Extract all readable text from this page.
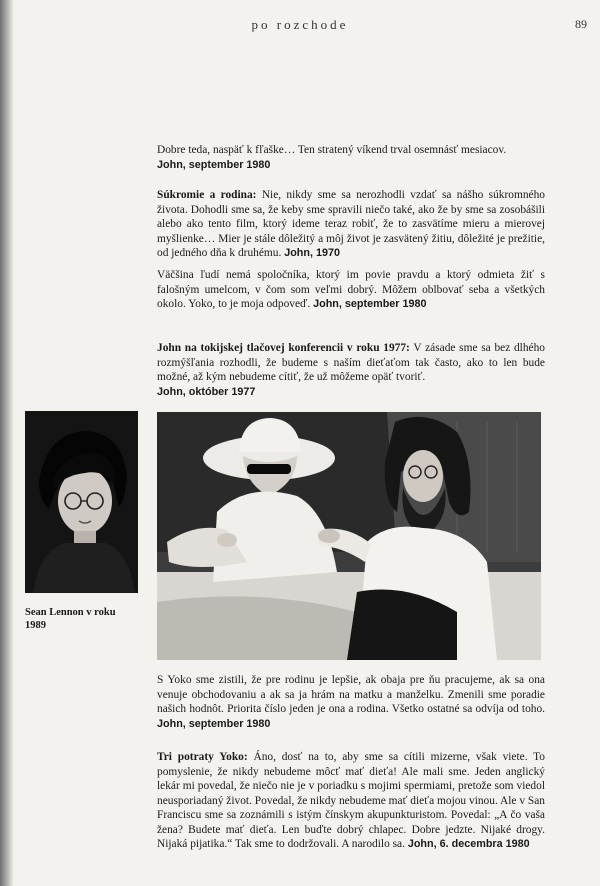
po rozchode	89
Dobre teda, naspäť k fľaške… Ten stratený víkend trval osemnásť mesiacov.
John, september 1980
Súkromie a rodina: Nie, nikdy sme sa nerozhodli vzdať sa nášho súkromného života. Dohodli sme sa, že keby sme spravili niečo také, ako že by sme sa zosobášili alebo ako tento film, ktorý ideme teraz robiť, že to zasvätíme mieru a mierovej myšlienke… Mier je stále dôležitý a môj život je zasvätený žitiu, dôležité je prežitie, od jedného dňa k druhému. John, 1970
Väčšina ľudí nemá spoločníka, ktorý im povie pravdu a ktorý odmieta žiť s falošným umelcom, v čom som veľmi dobrý. Môžem oblbovať seba a všetkých okolo. Yoko, to je moja odpoveď. John, september 1980
John na tokijskej tlačovej konferencii v roku 1977: V zásade sme sa bez dlhého rozmýšľania rozhodli, že budeme s naším dieťaťom tak často, ako to len bude možné, až kým nebudeme cítiť, že už môžeme opäť tvoriť.
John, október 1977
Sean Lennon v roku 1989
S Yoko sme zistili, že pre rodinu je lepšie, ak obaja pre ňu pracujeme, ak sa ona venuje obchodovaniu a ak sa ja hrám na matku a manželku. Zmenili sme poradie našich hodnôt. Priorita číslo jeden je ona a rodina. Všetko ostatné sa odvíja od toho. John, september 1980
Tri potraty Yoko: Áno, dosť na to, aby sme sa cítili mizerne, však viete. To pomyslenie, že nikdy nebudeme môcť mať dieťa! Ale mali sme. Jeden anglický lekár mi povedal, že niečo nie je v poriadku s mojimi spermiami, pretože som viedol neusporiadaný život. Povedal, že nikdy nebudeme mať dieťa mojou vinou. Ale v San Franciscu sme sa zoznámili s istým čínskym akupunkturistom. Povedal: „A čo vaša žena? Budete mať dieťa. Len buďte dobrý chlapec. Dobre jedzte. Nijaké drogy. Nijaká pijatika.“ Tak sme to dodržovali. A narodilo sa. John, 6. decembra 1980
